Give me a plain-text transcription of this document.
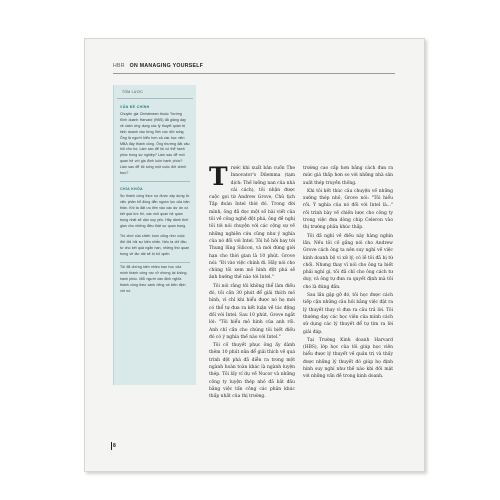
HBR ON MANAGING YOURSELF
TÓM LƯỢC
VẤN ĐỀ CHÍNH
Chuyên gia Christensen thuộc Trường Kinh doanh Harvard (HBS) đã giảng dạy về cách ứng dụng các lý thuyết quản trị kinh doanh vào từng lĩnh vực đời sống. Ông là người hiểu hơn cả các học viên MBA đầy thành công. Ông thường đặt câu hỏi cho họ: Làm sao để tôi có thể hạnh phúc trong sự nghiệp? Làm sao để mối quan hệ với gia đình luôn hạnh phúc? Làm sao để tôi sống một cuộc đời chính trực?
CHÌA KHÓA
Sự thành công thực sự được xây dựng từ việc phân bổ đúng đắn nguồn lực của bản thân. Khi ta đặt ưu tiên vào các dự án có kết quả tức thì, các mối quan hệ quan trọng nhất sẽ dần suy yếu. Hãy dành thời gian cho những điều thật sự quan trọng.
Trò chơi của chiến lược cũng như cuộc đời đòi hỏi sự kiên nhẫn. Nếu ta chỉ đầu tư cho kết quả ngắn hạn, những thứ quan trọng về lâu dài sẽ bị bỏ quên.
Tôi đã chứng kiến nhiều bạn học của mình thành công rực rỡ nhưng lại không hạnh phúc. Mỗi người cần định nghĩa thành công theo cách riêng và kiên định với nó.
T rước khi xuất bản cuốn The Innovator's Dilemma (tạm dịch: Thế lưỡng nan của nhà cải cách), tôi nhận được cuộc gọi từ Andrew Grove, Chủ tịch Tập đoàn Intel thời đó. Trong đời mình, ông đã đọc một số bài viết của tôi về công nghệ đột phá, ông đề nghị tôi tới nói chuyện với các cộng sự về những nghiên cứu cũng như ý nghĩa của nó đối với Intel. Tôi hồ hởi bay tới Thung lũng Silicon, và mới đứng giới hạn cho thời gian là 10 phút. Grove nói: "Đi vào việc chính đi. Hãy nói cho chúng tôi xem mô hình đột phá sẽ ảnh hưởng thế nào tới Intel."

Tôi nói rằng tôi không thể làm điều đó, tôi cần 30 phút để giải thích mô hình, vì chỉ khi hiểu được nó họ mới có thể tự đưa ra kết luận về tác động đối với Intel. Sau 10 phút, Grove ngắt lời: "Tôi hiểu mô hình của anh rồi. Anh chỉ cần cho chúng tôi biết điều đó có ý nghĩa thế nào với Intel."

Tôi cố thuyết phục ông ấy dành thêm 10 phút nữa để giải thích về quá trình đột phá đã diễn ra trong một ngành hoàn toàn khác là ngành luyện thép. Tôi lấy ví dụ về Nucor và những công ty luyện thép nhỏ đã bắt đầu bằng việc tấn công các phân khúc thấp nhất của thị trường.

trường cao cấp hơn bằng cách đưa ra mức giá thấp hơn so với những nhà sản xuất thép truyền thống.

Khi tôi kết thúc câu chuyện về những xưởng thép nhỏ, Grove nói: "Tôi hiểu rồi. Ý nghĩa của nó đối với Intel là..." rồi trình bày về chiến lược cho công ty trong việc đưa dòng chip Celeron vào thị trường phân khúc thấp.

Tôi đã nghĩ về điều này hàng nghìn lần. Nếu tôi cố gắng nói cho Andrew Grove cách ông ta nên suy nghĩ về việc kinh doanh bộ vi xử lý, có lẽ tôi đã bị từ chối. Nhưng thay vì nói cho ông ta biết phải nghĩ gì, tôi đã chỉ cho ông cách tư duy, và ông tự đưa ra quyết định mà tôi cho là đúng đắn.

Sau lần gặp gỡ đó, tôi học được cách tiếp cận những câu hỏi bằng việc đặt ra lý thuyết thay vì đưa ra câu trả lời. Tôi thường dạy các học viên của mình cách sử dụng các lý thuyết để tự tìm ra lời giải đáp.

Tại Trường Kinh doanh Harvard (HBS), lớp học của tôi giúp học viên hiểu được lý thuyết về quản trị và thấy được những lý thuyết đó giúp họ định hình suy nghĩ như thế nào khi đối mặt với những vấn đề trong kinh doanh.

8
